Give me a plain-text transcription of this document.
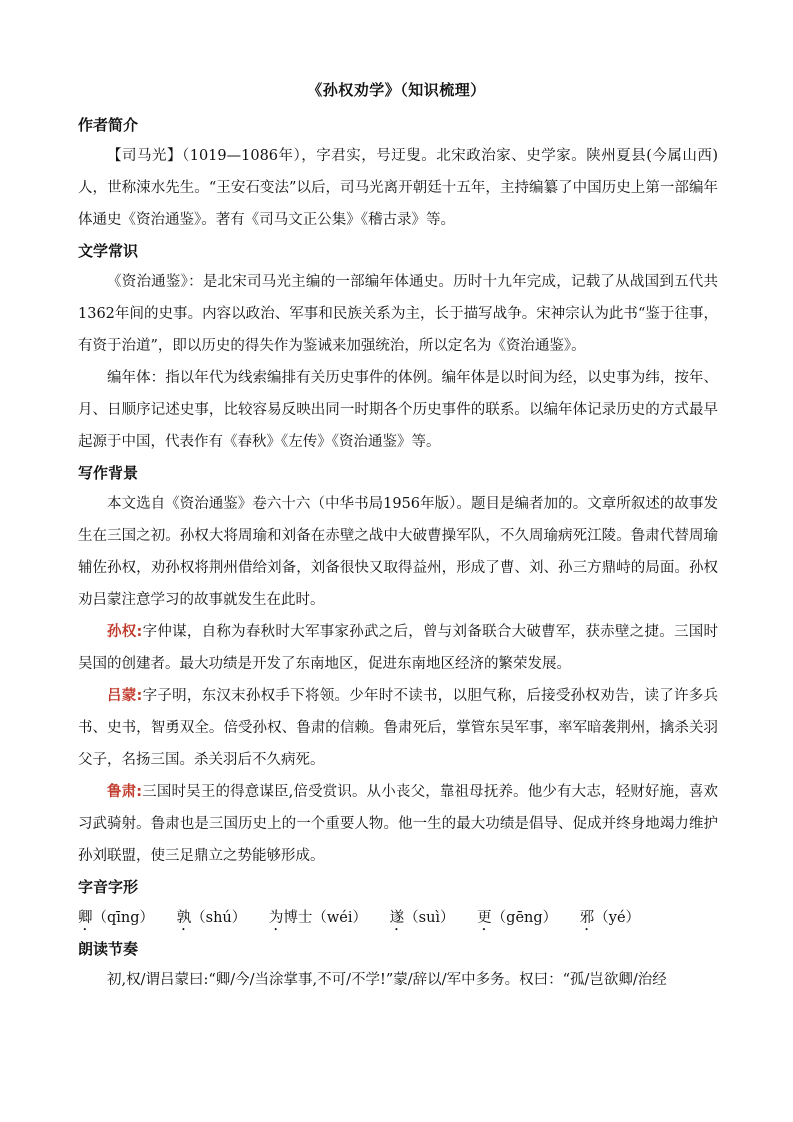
《孙权劝学》（知识梳理）
作者简介

【司马光】（1019—1086年），字君实，号迂叟。北宋政治家、史学家。陕州夏县(今属山西)人，世称涑水先生。“王安石变法”以后，司马光离开朝廷十五年，主持编纂了中国历史上第一部编年体通史《资治通鉴》。著有《司马文正公集》《稽古录》等。

文学常识

《资治通鉴》：是北宋司马光主编的一部编年体通史。历时十九年完成，记载了从战国到五代共1362年间的史事。内容以政治、军事和民族关系为主，长于描写战争。宋神宗认为此书“鉴于往事，有资于治道”，即以历史的得失作为鉴诫来加强统治，所以定名为《资治通鉴》。

编年体：指以年代为线索编排有关历史事件的体例。编年体是以时间为经，以史事为纬，按年、月、日顺序记述史事，比较容易反映出同一时期各个历史事件的联系。以编年体记录历史的方式最早起源于中国，代表作有《春秋》《左传》《资治通鉴》等。

写作背景

本文选自《资治通鉴》卷六十六（中华书局1956年版）。题目是编者加的。文章所叙述的故事发生在三国之初。孙权大将周瑜和刘备在赤壁之战中大破曹操军队，不久周瑜病死江陵。鲁肃代替周瑜辅佐孙权，劝孙权将荆州借给刘备，刘备很快又取得益州，形成了曹、刘、孙三方鼎峙的局面。孙权劝吕蒙注意学习的故事就发生在此时。

孙权:字仲谋，自称为春秋时大军事家孙武之后，曾与刘备联合大破曹军，获赤壁之捷。三国时吴国的创建者。最大功绩是开发了东南地区，促进东南地区经济的繁荣发展。

吕蒙:字子明，东汉末孙权手下将领。少年时不读书，以胆气称，后接受孙权劝告，读了许多兵书、史书，智勇双全。倍受孙权、鲁肃的信赖。鲁肃死后，掌管东吴军事，率军暗袭荆州，擒杀关羽父子，名扬三国。杀关羽后不久病死。

鲁肃:三国时吴王的得意谋臣,倍受赏识。从小丧父，靠祖母抚养。他少有大志，轻财好施，喜欢习武骑射。鲁肃也是三国历史上的一个重要人物。他一生的最大功绩是倡导、促成并终身地竭力维护孙刘联盟，使三足鼎立之势能够形成。

字音字形

卿（qīng） 孰（shú） 为博士（wéi） 遂（suì） 更（gēng） 邪（yé）

朗读节奏

初,权/谓吕蒙曰:“卿/今/当涂掌事,不可/不学!”蒙/辞以/军中多务。权曰：“孤/岂欲卿/治经
